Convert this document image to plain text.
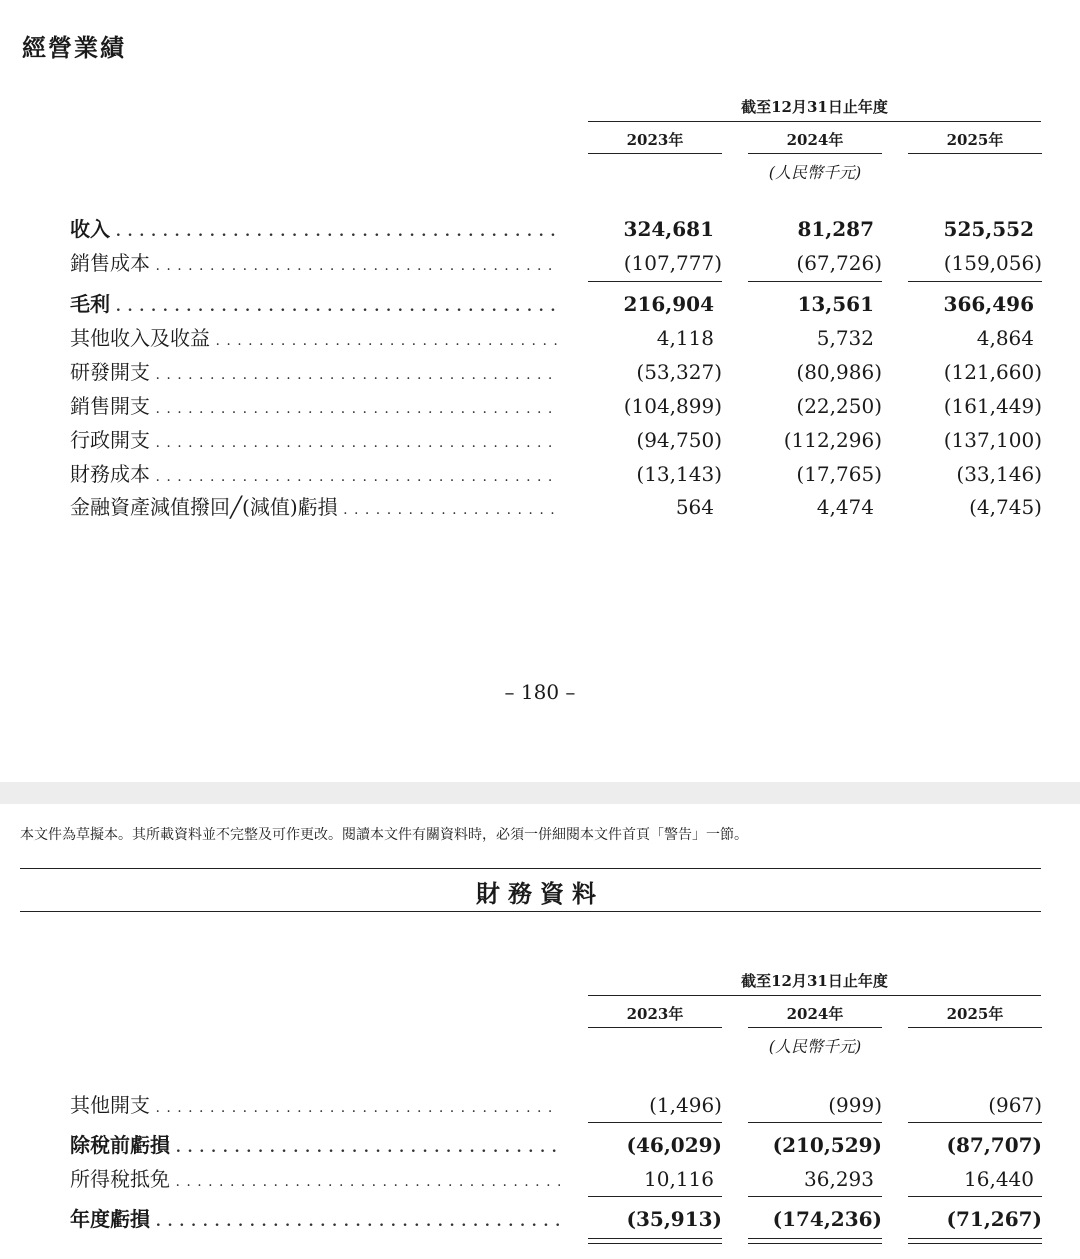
經營業績
截至12月31日止年度
2023年	2024年	2025年
(人民幣千元)
收入 . . .	324,681	81,287	525,552
銷售成本 . . .	(107,777)	(67,726)	(159,056)
毛利 . . .	216,904	13,561	366,496
其他收入及收益 . . .	4,118	5,732	4,864
研發開支 . . .	(53,327)	(80,986)	(121,660)
銷售開支 . . .	(104,899)	(22,250)	(161,449)
行政開支 . . .	(94,750)	(112,296)	(137,100)
財務成本 . . .	(13,143)	(17,765)	(33,146)
金融資產減值撥回╱(減值)虧損 . . .	564	4,474	(4,745)
– 180 –

本文件為草擬本。其所載資料並不完整及可作更改。閱讀本文件有關資料時，必須一併細閱本文件首頁「警告」一節。

財務資料
截至12月31日止年度
2023年	2024年	2025年
(人民幣千元)
其他開支 . . .	(1,496)	(999)	(967)
除稅前虧損 . . .	(46,029)	(210,529)	(87,707)
所得稅抵免 . . .	10,116	36,293	16,440
年度虧損 . . .	(35,913)	(174,236)	(71,267)
